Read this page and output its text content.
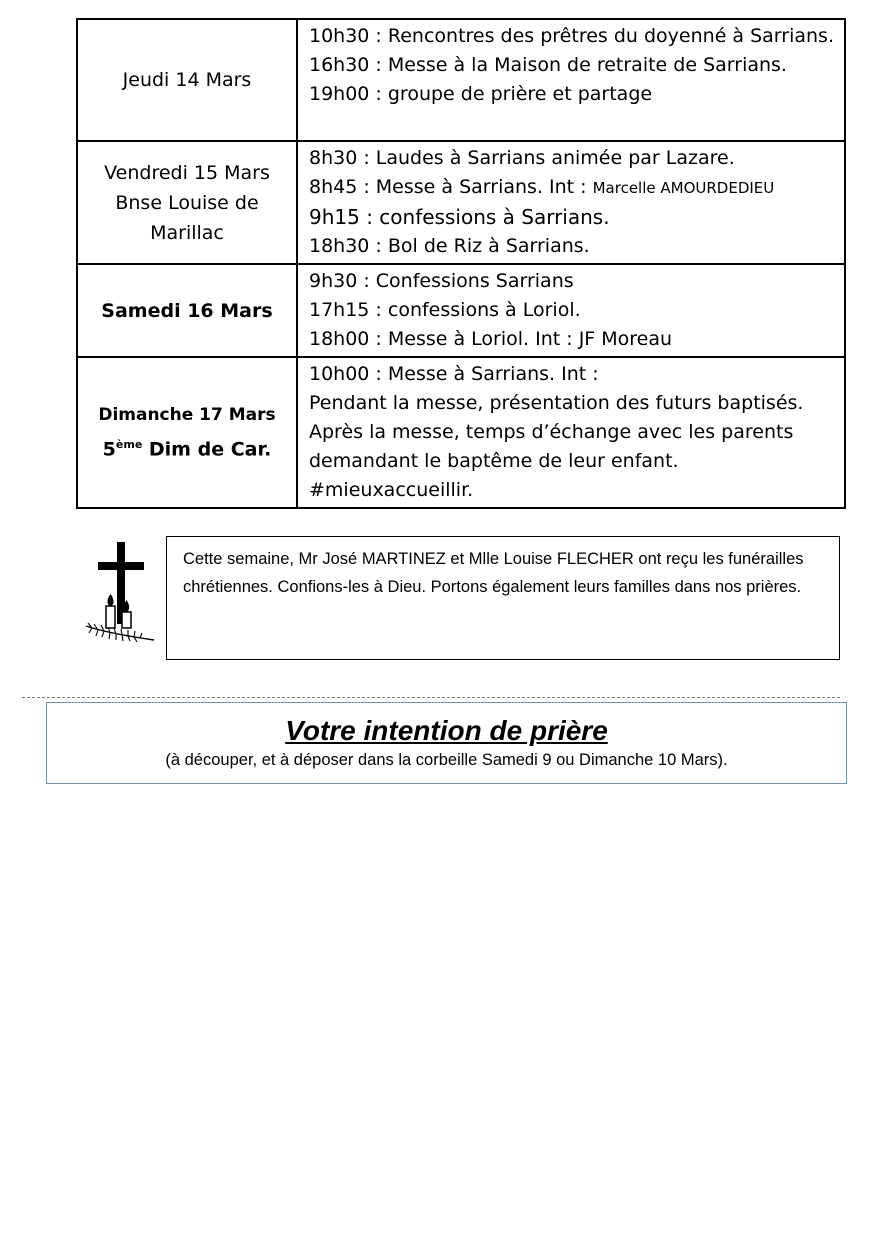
Jeudi 14 Mars	10h30 : Rencontres des prêtres du doyenné à Sarrians.
16h30 : Messe à la Maison de retraite de Sarrians.
19h00 : groupe de prière et partage

Vendredi 15 Mars
Bnse Louise de
Marillac	8h30 : Laudes à Sarrians animée par Lazare.
8h45 : Messe à Sarrians. Int : Marcelle AMOURDEDIEU
9h15 : confessions à Sarrians.
18h30 : Bol de Riz à Sarrians.

Samedi 16 Mars	9h30 : Confessions Sarrians
17h15 : confessions à Loriol.
18h00 : Messe à Loriol. Int : JF Moreau

Dimanche 17 Mars
5ème Dim de Car.	10h00 : Messe à Sarrians. Int :
Pendant la messe, présentation des futurs baptisés.
Après la messe, temps d’échange avec les parents demandant le baptême de leur enfant.
#mieuxaccueillir.
Cette semaine, Mr José MARTINEZ et Mlle Louise FLECHER ont reçu les funérailles chrétiennes. Confions-les à Dieu. Portons également leurs familles dans nos prières.
Votre intention de prière
(à découper, et à déposer dans la corbeille Samedi 9 ou Dimanche 10 Mars).
